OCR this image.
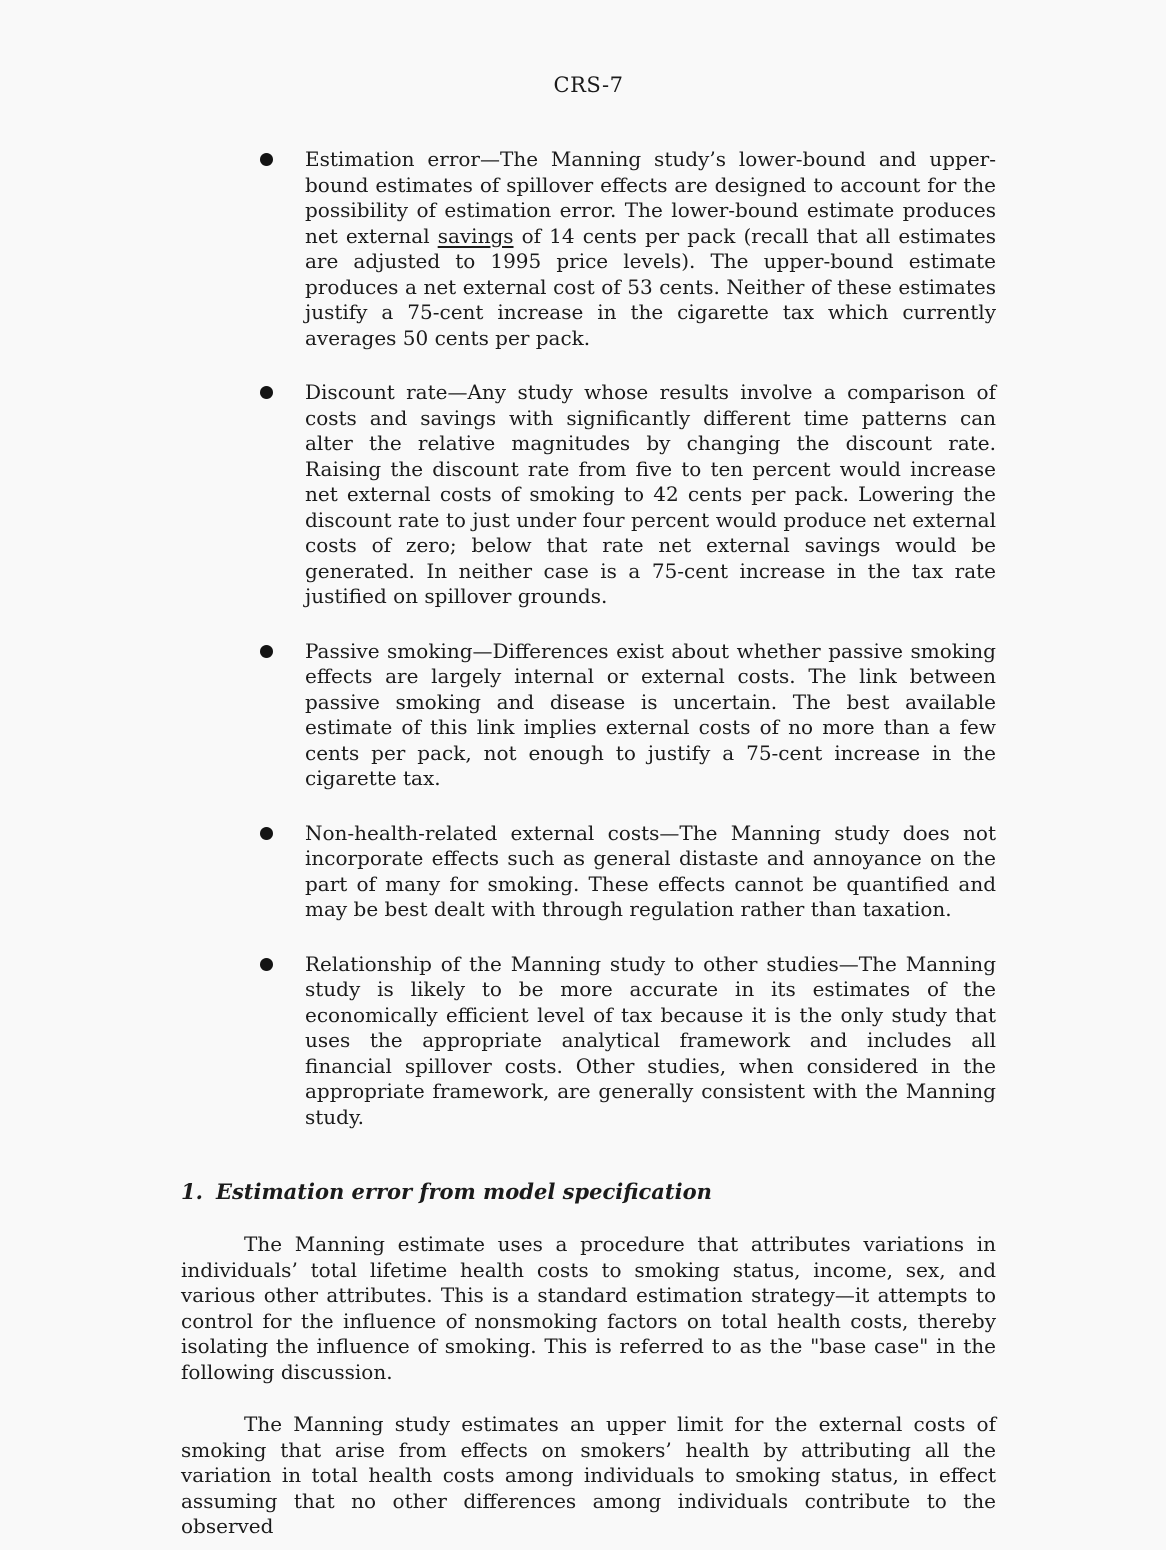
CRS-7

Estimation error—The Manning study’s lower-bound and upper-bound estimates of spillover effects are designed to account for the possibility of estimation error. The lower-bound estimate produces net external savings of 14 cents per pack (recall that all estimates are adjusted to 1995 price levels). The upper-bound estimate produces a net external cost of 53 cents. Neither of these estimates justify a 75-cent increase in the cigarette tax which currently averages 50 cents per pack.

Discount rate—Any study whose results involve a comparison of costs and savings with significantly different time patterns can alter the relative magnitudes by changing the discount rate. Raising the discount rate from five to ten percent would increase net external costs of smoking to 42 cents per pack. Lowering the discount rate to just under four percent would produce net external costs of zero; below that rate net external savings would be generated. In neither case is a 75-cent increase in the tax rate justified on spillover grounds.

Passive smoking—Differences exist about whether passive smoking effects are largely internal or external costs. The link between passive smoking and disease is uncertain. The best available estimate of this link implies external costs of no more than a few cents per pack, not enough to justify a 75-cent increase in the cigarette tax.

Non-health-related external costs—The Manning study does not incorporate effects such as general distaste and annoyance on the part of many for smoking. These effects cannot be quantified and may be best dealt with through regulation rather than taxation.

Relationship of the Manning study to other studies—The Manning study is likely to be more accurate in its estimates of the economically efficient level of tax because it is the only study that uses the appropriate analytical framework and includes all financial spillover costs. Other studies, when considered in the appropriate framework, are generally consistent with the Manning study.

1. Estimation error from model specification

The Manning estimate uses a procedure that attributes variations in individuals’ total lifetime health costs to smoking status, income, sex, and various other attributes. This is a standard estimation strategy—it attempts to control for the influence of nonsmoking factors on total health costs, thereby isolating the influence of smoking. This is referred to as the "base case" in the following discussion.

The Manning study estimates an upper limit for the external costs of smoking that arise from effects on smokers’ health by attributing all the variation in total health costs among individuals to smoking status, in effect assuming that no other differences among individuals contribute to the observed
